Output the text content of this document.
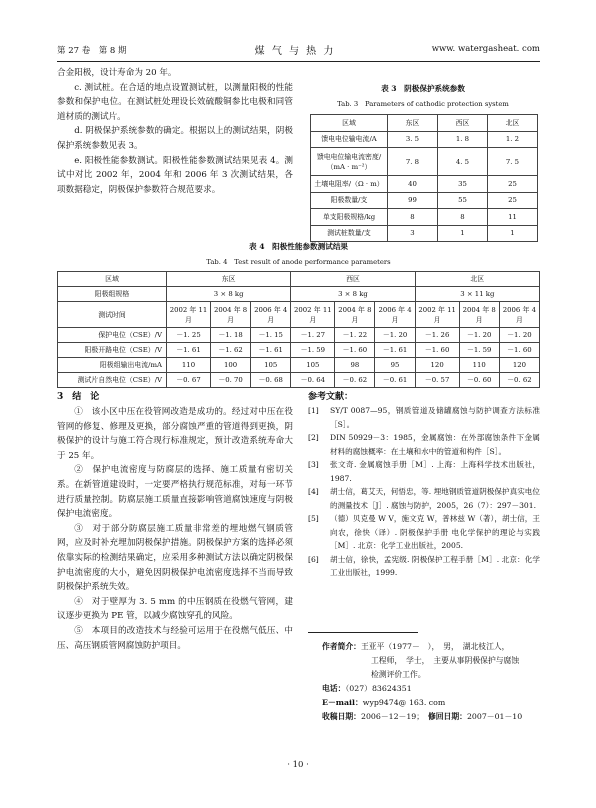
第 27 卷　第 8 期	煤 气 与 热 力	www. watergasheat. com
合金阳极，设计寿命为 20 年。
c. 测试桩。在合适的地点设置测试桩，以测量阳极的性能参数和保护电位。在测试桩处理设长效硫酸铜参比电极和同管道材质的测试片。
d. 阴极保护系统参数的确定。根据以上的测试结果，阴极保护系统参数见表 3。
e. 阳极性能参数测试。阳极性能参数测试结果见表 4。测试中对比 2002 年，2004 年和 2006 年 3 次测试结果，各项数据稳定，阴极保护参数符合规范要求。
表 3　阴极保护系统参数
Tab. 3　Parameters of cathodic protection system
区域	东区	西区	北区
馈电电位输电流/A	3. 5	1. 8	1. 2
馈电电位输电流密度/（mA · m⁻²）	7. 8	4. 5	7. 5
土壤电阻率/（Ω · m）	40	35	25
阳极数量/支	99	55	25
单支阳极规格/kg	8	8	11
测试桩数量/支	3	1	1
表 4　阳极性能参数测试结果
Tab. 4　Test result of anode performance parameters
区域	东区			西区			北区		
阳极组规格	3 × 8 kg			3 × 8 kg			3 × 11 kg		
测试时间	2002 年 11 月	2004 年 8 月	2006 年 4 月	2002 年 11 月	2004 年 8 月	2006 年 4 月	2002 年 11 月	2004 年 8 月	2006 年 4 月
保护电位（CSE）/V	－1. 25	－1. 18	－1. 15	－1. 27	－1. 22	－1. 20	－1. 26	－1. 20	－1. 20
阳极开路电位（CSE）/V	－1. 61	－1. 62	－1. 61	－1. 59	－1. 60	－1. 61	－1. 60	－1. 59	－1. 60
阳极组输出电流/mA	110	100	105	105	98	95	120	110	120
测试片自然电位（CSE）/V	－0. 67	－0. 70	－0. 68	－0. 64	－0. 62	－0. 61	－0. 57	－0. 60	－0. 62
3　结　论
①　该小区中压在役管网改造是成功的。经过对中压在役管网的修复、修理及更换，部分腐蚀严重的管道得到更换，阴极保护的设计与施工符合现行标准规定，预计改造系统寿命大于 25 年。
②　保护电流密度与防腐层的选择、施工质量有密切关系。在新管道建设时，一定要严格执行规范标准，对每一环节进行质量控制。防腐层施工质量直接影响管道腐蚀速度与阴极保护电流密度。
③　对于部分防腐层施工质量非常差的埋地燃气钢质管网，应及时补充埋加阴极保护措施。阴极保护方案的选择必须依靠实际的检测结果确定，应采用多种测试方法以确定阴极保护电流密度的大小，避免因阴极保护电流密度选择不当而导致阴极保护系统失效。
④　对于壁厚为 3. 5 mm 的中压钢质在役燃气管网，建议逐步更换为 PE 管，以减少腐蚀穿孔的风险。
⑤　本项目的改造技术与经验可运用于在役燃气低压、中压、高压钢质管网腐蚀防护项目。
参考文献：
[1]	SY/T 0087—95，钢质管道及储罐腐蚀与防护调查方法标准［S］。
[2]	DIN 50929－3：1985，金属腐蚀：在外部腐蚀条件下金属材料的腐蚀概率：在土壤和水中的管道和构件［S］。
[3]	张文奇. 金属腐蚀手册［M］. 上海：上海科学技术出版社，1987.
[4]	胡士信，葛艾天，何悟忠，等. 埋地钢质管道阴极保护真实电位的测量技术［J］. 腐蚀与防护，2005，26（7）：297－301.
[5]	（德）贝克曼 W V，施文克 W，普林兹 W（著），胡士信，王向农，徐快（译）. 阴极保护手册 电化学保护的理论与实践［M］. 北京：化学工业出版社，2005.
[6]	胡士信，徐快，孟宪级. 阴极保护工程手册［M］. 北京：化学工业出版社，1999.
作者简介：王亚平（1977－　），　男，　湖北枝江人，
工程师，　学士，　主要从事阴极保护与腐蚀
检测评价工作。
电话：（027）83624351
E－mail：wyp9474@ 163. com
收稿日期：2006－12－19；　 修回日期：2007－01－10
· 10 ·
